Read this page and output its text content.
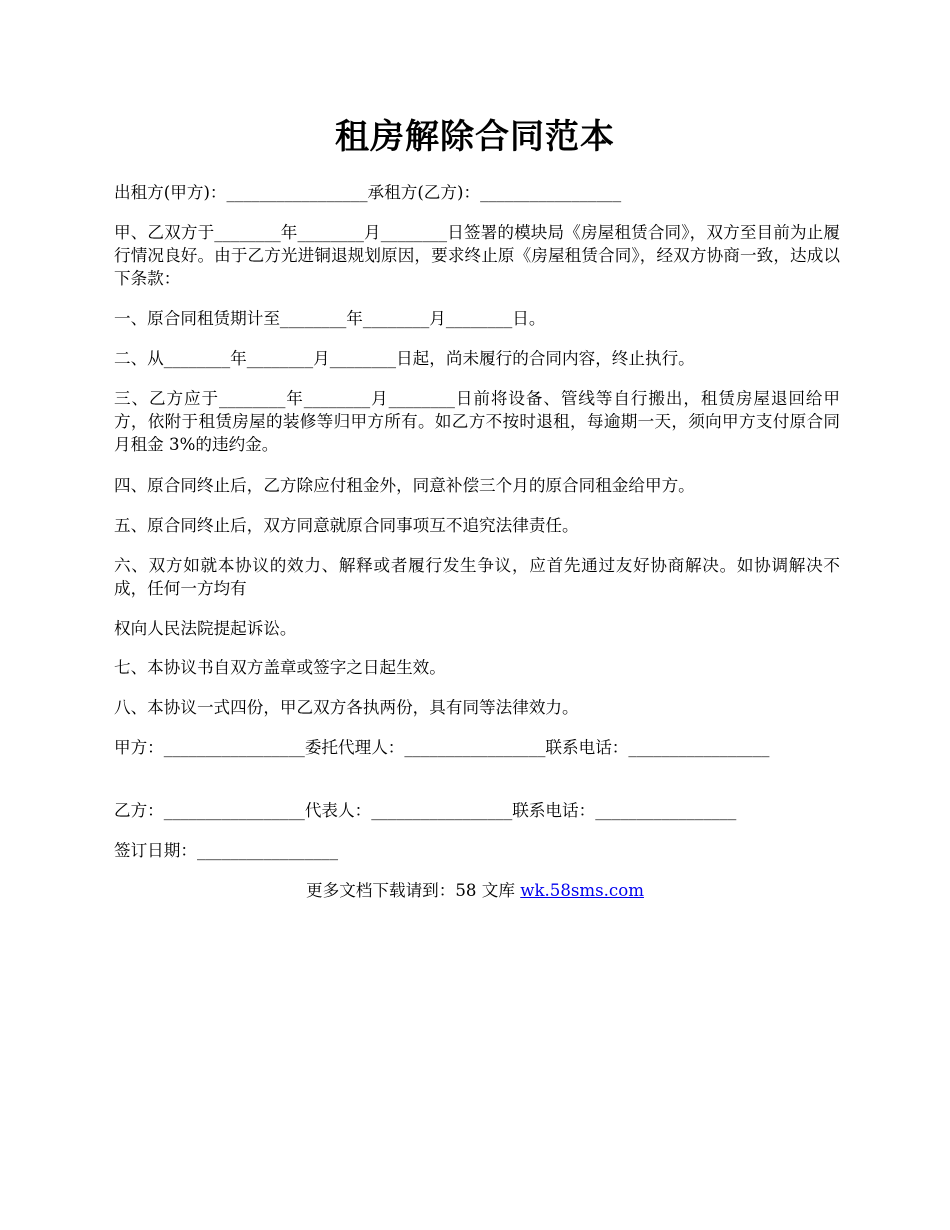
租房解除合同范本
出租方(甲方)：_________________承租方(乙方)：_________________
甲、乙双方于________年________月________日签署的模块局《房屋租赁合同》，双方至目前为止履行情况良好。由于乙方光进铜退规划原因，要求终止原《房屋租赁合同》，经双方协商一致，达成以下条款：
一、原合同租赁期计至________年________月________日。
二、从________年________月________日起，尚未履行的合同内容，终止执行。
三、乙方应于________年________月________日前将设备、管线等自行搬出，租赁房屋退回给甲方，依附于租赁房屋的装修等归甲方所有。如乙方不按时退租，每逾期一天，须向甲方支付原合同月租金 3%的违约金。
四、原合同终止后，乙方除应付租金外，同意补偿三个月的原合同租金给甲方。
五、原合同终止后，双方同意就原合同事项互不追究法律责任。
六、双方如就本协议的效力、解释或者履行发生争议，应首先通过友好协商解决。如协调解决不成，任何一方均有
权向人民法院提起诉讼。
七、本协议书自双方盖章或签字之日起生效。
八、本协议一式四份，甲乙双方各执两份，具有同等法律效力。
甲方：_________________委托代理人：_________________联系电话：_________________
乙方：_________________代表人：_________________联系电话：_________________
签订日期：_________________
更多文档下载请到：58 文库 wk.58sms.com
